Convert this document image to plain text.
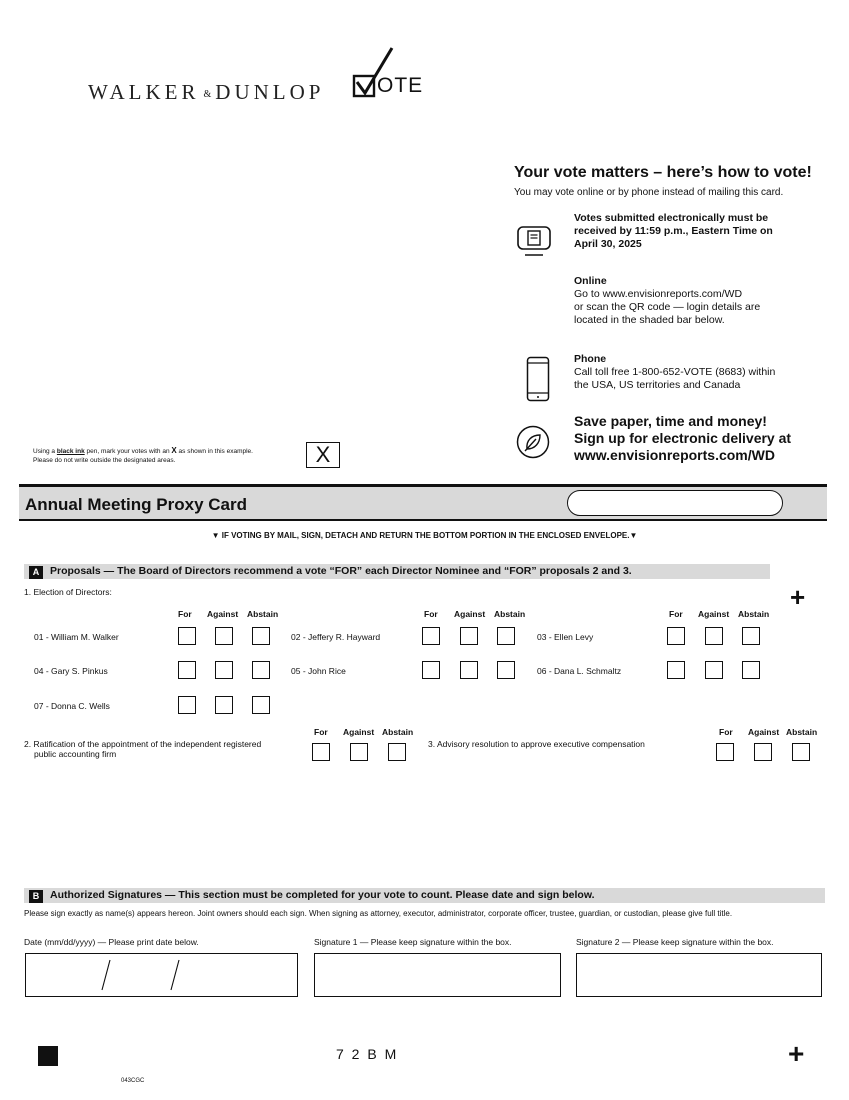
WALKER & DUNLOP	OTE
Your vote matters – here’s how to vote!
You may vote online or by phone instead of mailing this card.
Votes submitted electronically must be
received by 11:59 p.m., Eastern Time on
April 30, 2025
Online
Go to www.envisionreports.com/WD
or scan the QR code — login details are
located in the shaded bar below.
Phone
Call toll free 1-800-652-VOTE (8683) within
the USA, US territories and Canada
Save paper, time and money!
Sign up for electronic delivery at
www.envisionreports.com/WD
Using a black ink pen, mark your votes with an X as shown in this example.
Please do not write outside the designated areas.	X
Annual Meeting Proxy Card
▼ IF VOTING BY MAIL, SIGN, DETACH AND RETURN THE BOTTOM PORTION IN THE ENCLOSED ENVELOPE.▼
A	Proposals — The Board of Directors recommend a vote “FOR” each Director Nominee and “FOR” proposals 2 and 3.
+
1. Election of Directors:
For Against Abstain	For Against Abstain	For Against Abstain
01 - William M. Walker	02 - Jeffery R. Hayward	03 - Ellen Levy
04 - Gary S. Pinkus	05 - John Rice	06 - Dana L. Schmaltz
07 - Donna C. Wells
2. Ratification of the appointment of the independent registered
public accounting firm
For Against Abstain
3. Advisory resolution to approve executive compensation
For Against Abstain
B	Authorized Signatures — This section must be completed for your vote to count. Please date and sign below.
Please sign exactly as name(s) appears hereon. Joint owners should each sign. When signing as attorney, executor, administrator, corporate officer, trustee, guardian, or custodian, please give full title.
Date (mm/dd/yyyy) — Please print date below.	Signature 1 — Please keep signature within the box.	Signature 2 — Please keep signature within the box.
7 2 B M
043CGC
+
